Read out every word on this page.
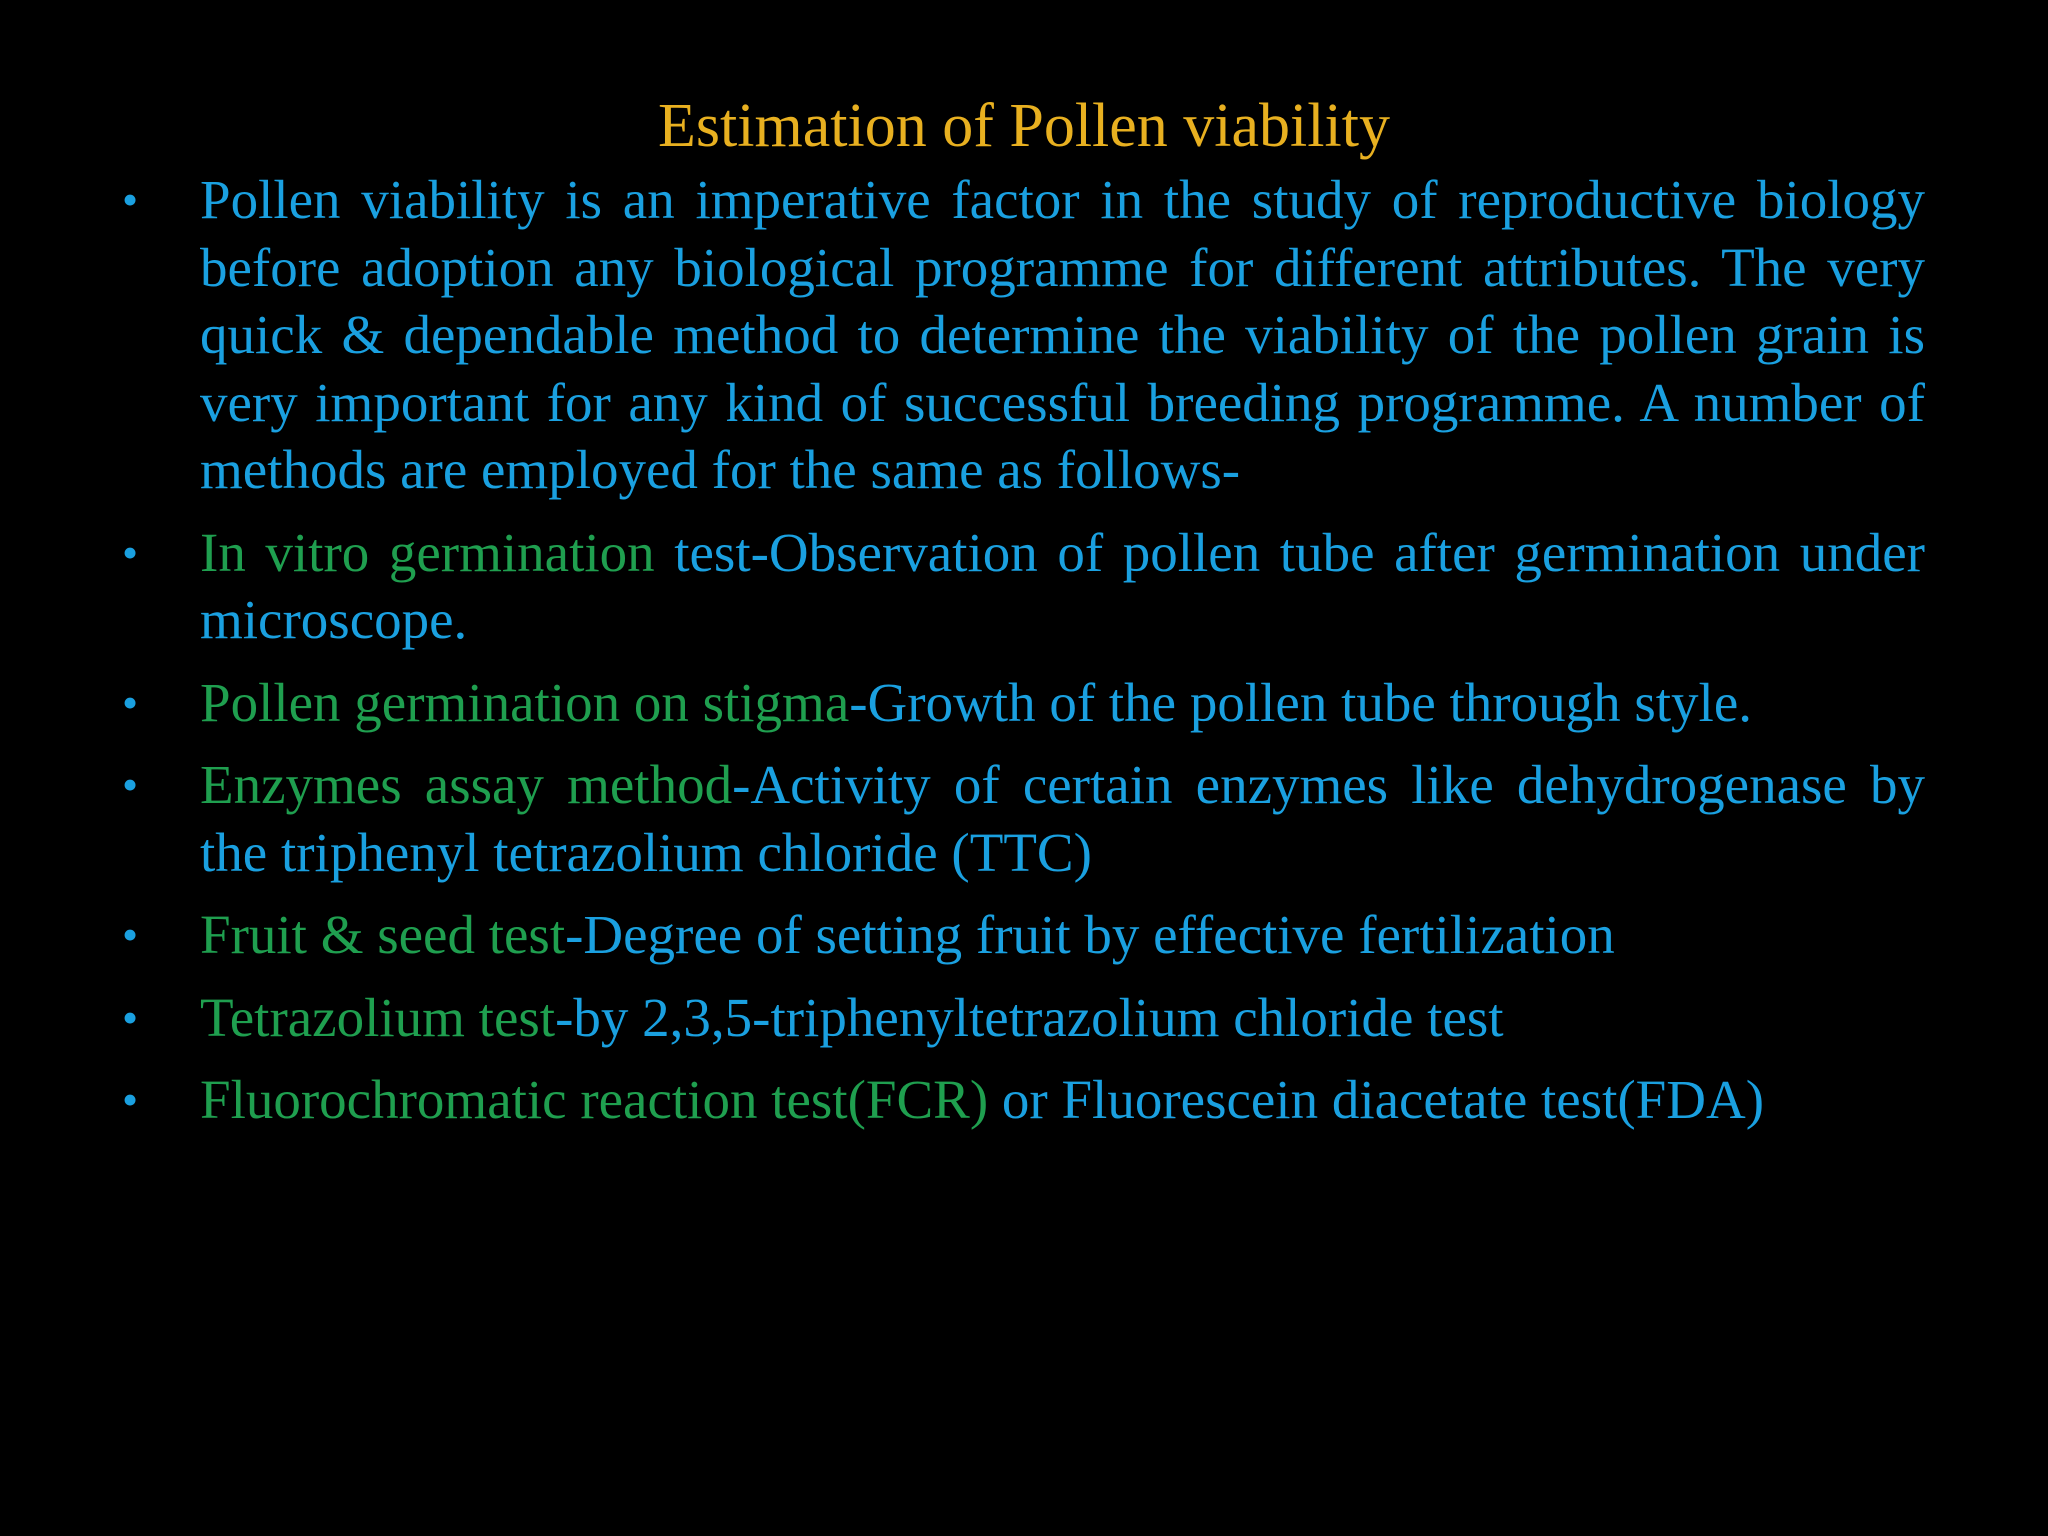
Estimation of Pollen viability
• Pollen viability is an imperative factor in the study of reproductive biology before adoption any biological programme for different attributes. The very quick & dependable method to determine the viability of the pollen grain is very important for any kind of successful breeding programme. A number of methods are employed for the same as follows-
• In vitro germination test-Observation of pollen tube after germination under microscope.
• Pollen germination on stigma-Growth of the pollen tube through style.
• Enzymes assay method-Activity of certain enzymes like dehydrogenase by the triphenyl tetrazolium chloride (TTC)
• Fruit & seed test-Degree of setting fruit by effective fertilization
• Tetrazolium test-by 2,3,5-triphenyltetrazolium chloride test
• Fluorochromatic reaction test(FCR) or Fluorescein diacetate test(FDA)
